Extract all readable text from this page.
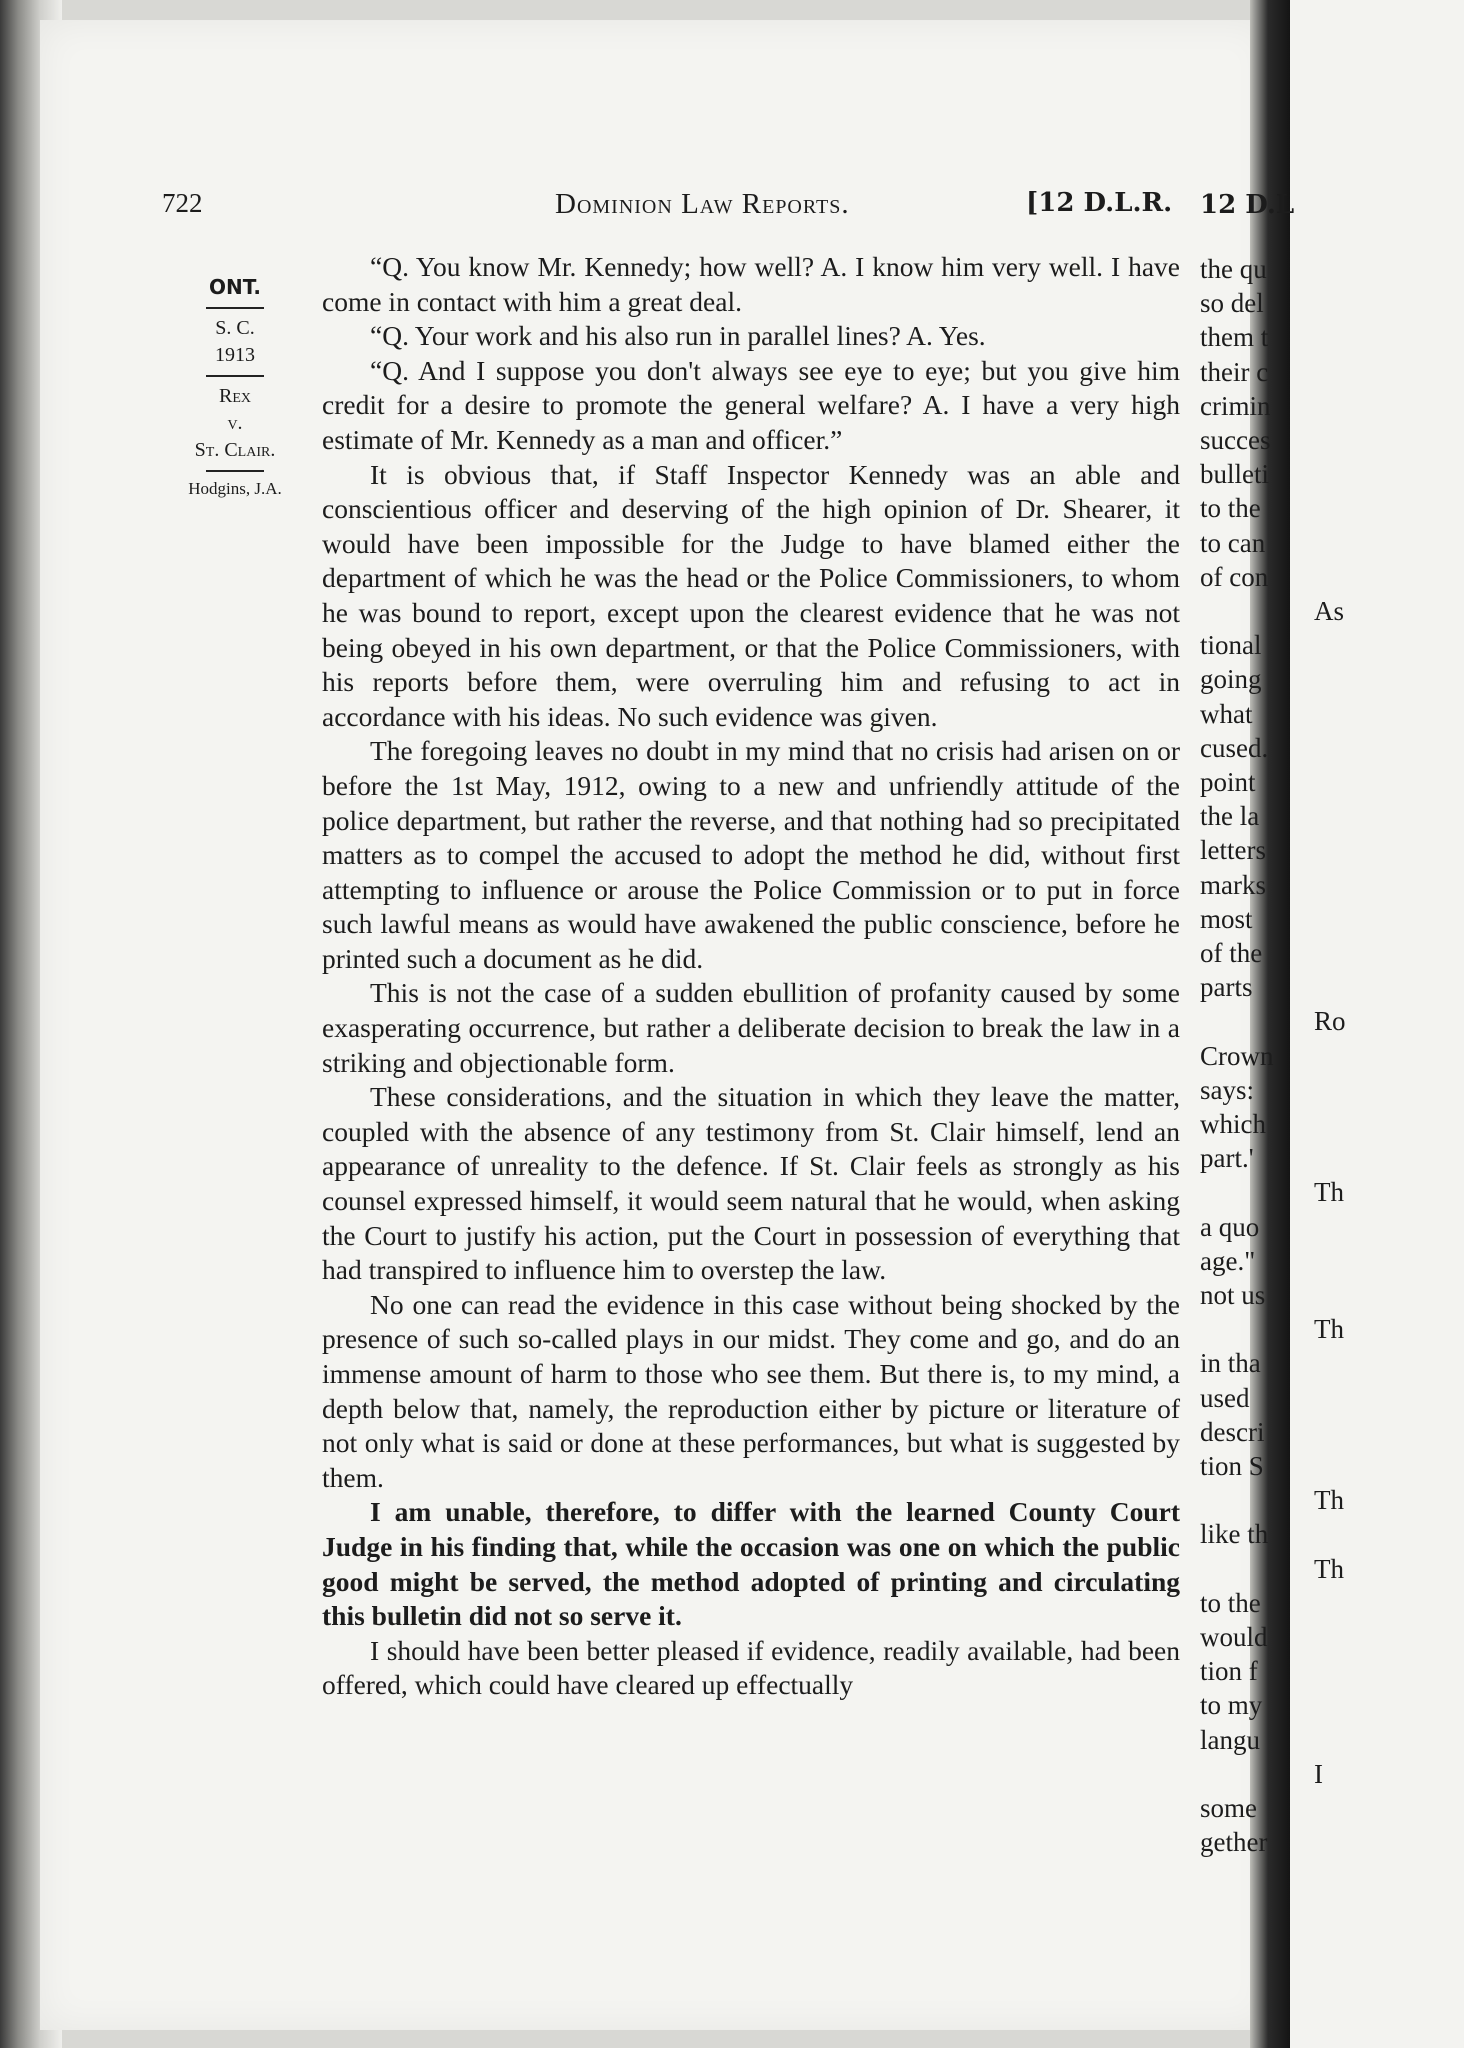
722	Dominion Law Reports.	[12 D.L.R.
ONT.
S. C.
1913
Rex
v.
St. Clair.
Hodgins, J.A.

“Q. You know Mr. Kennedy; how well? A. I know him very well. I have come in contact with him a great deal.

“Q. Your work and his also run in parallel lines? A. Yes.

“Q. And I suppose you don't always see eye to eye; but you give him credit for a desire to promote the general welfare? A. I have a very high estimate of Mr. Kennedy as a man and officer.”

It is obvious that, if Staff Inspector Kennedy was an able and conscientious officer and deserving of the high opinion of Dr. Shearer, it would have been impossible for the Judge to have blamed either the department of which he was the head or the Police Commissioners, to whom he was bound to report, except upon the clearest evidence that he was not being obeyed in his own department, or that the Police Commissioners, with his reports before them, were overruling him and refusing to act in accordance with his ideas. No such evidence was given.

The foregoing leaves no doubt in my mind that no crisis had arisen on or before the 1st May, 1912, owing to a new and unfriendly attitude of the police department, but rather the reverse, and that nothing had so precipitated matters as to compel the accused to adopt the method he did, without first attempting to influence or arouse the Police Commission or to put in force such lawful means as would have awakened the public conscience, before he printed such a document as he did.

This is not the case of a sudden ebullition of profanity caused by some exasperating occurrence, but rather a deliberate decision to break the law in a striking and objectionable form.

These considerations, and the situation in which they leave the matter, coupled with the absence of any testimony from St. Clair himself, lend an appearance of unreality to the defence. If St. Clair feels as strongly as his counsel expressed himself, it would seem natural that he would, when asking the Court to justify his action, put the Court in possession of everything that had transpired to influence him to overstep the law.

No one can read the evidence in this case without being shocked by the presence of such so-called plays in our midst. They come and go, and do an immense amount of harm to those who see them. But there is, to my mind, a depth below that, namely, the reproduction either by picture or literature of not only what is said or done at these performances, but what is suggested by them.

I am unable, therefore, to differ with the learned County Court Judge in his finding that, while the occasion was one on which the public good might be served, the method adopted of printing and circulating this bulletin did not so serve it.

I should have been better pleased if evidence, readily available, had been offered, which could have cleared up effectually

12 D.L
the qu
so del
them t
their c
crimin
succes
bulleti
to the
to can
of con
As
tional
going
what
cused.
point
the la
letters
marks
most
of the
parts
Ro
Crown
says:
which
part.'
Th
a quo
age."
not us
Th
in tha
used
descri
tion S
Th
like th
Th
to the
would
tion f
to my
langu
I
some
gether
